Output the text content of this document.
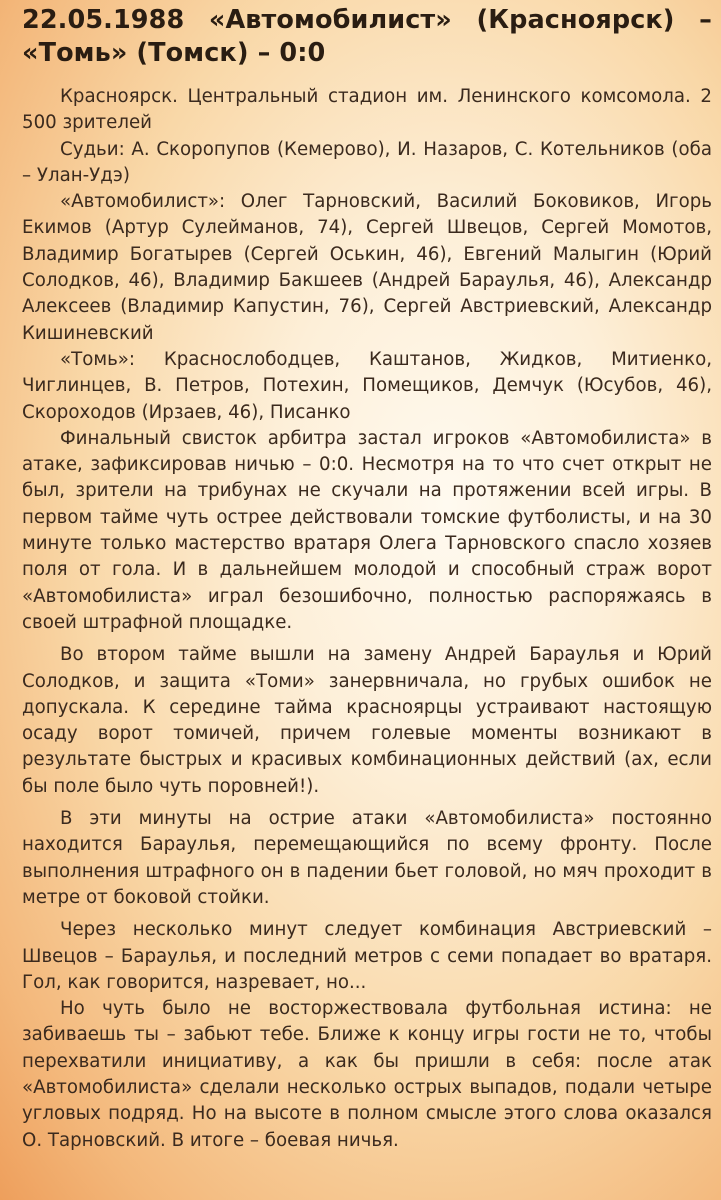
22.05.1988 «Автомобилист» (Красноярск) –
«Томь» (Томск) – 0:0

Красноярск. Центральный стадион им. Ленинского комсомола. 2 500 зрителей

Судьи: А. Скоропупов (Кемерово), И. Назаров, С. Котельников (оба – Улан-Удэ)

«Автомобилист»: Олег Тарновский, Василий Боковиков, Игорь Екимов (Артур Сулейманов, 74), Сергей Швецов, Сергей Момотов, Владимир Богатырев (Сергей Оськин, 46), Евгений Малыгин (Юрий Солодков, 46), Владимир Бакшеев (Андрей Бараулья, 46), Александр Алексеев (Владимир Капустин, 76), Сергей Австриевский, Александр Кишиневский

«Томь»: Краснослободцев, Каштанов, Жидков, Митиенко, Чиглинцев, В. Петров, Потехин, Помещиков, Демчук (Юсубов, 46), Скороходов (Ирзаев, 46), Писанко

Финальный свисток арбитра застал игроков «Автомобилиста» в атаке, зафиксировав ничью – 0:0. Несмотря на то что счет открыт не был, зрители на трибунах не скучали на протяжении всей игры. В первом тайме чуть острее действовали томские футболисты, и на 30 минуте только мастерство вратаря Олега Тарновского спасло хозяев поля от гола. И в дальнейшем молодой и способный страж ворот «Автомобилиста» играл безошибочно, полностью распоряжаясь в своей штрафной площадке.

Во втором тайме вышли на замену Андрей Бараулья и Юрий Солодков, и защита «Томи» занервничала, но грубых ошибок не допускала. К середине тайма красноярцы устраивают настоящую осаду ворот томичей, причем голевые моменты возникают в результате быстрых и красивых комбинационных действий (ах, если бы поле было чуть поровней!).

В эти минуты на острие атаки «Автомобилиста» постоянно находится Бараулья, перемещающийся по всему фронту. После выполнения штрафного он в падении бьет головой, но мяч проходит в метре от боковой стойки.

Через несколько минут следует комбинация Австриевский – Швецов – Бараулья, и последний метров с семи попадает во вратаря. Гол, как говорится, назревает, но...

Но чуть было не восторжествовала футбольная истина: не забиваешь ты – забьют тебе. Ближе к концу игры гости не то, чтобы перехватили инициативу, а как бы пришли в себя: после атак «Автомобилиста» сделали несколько острых выпадов, подали четыре угловых подряд. Но на высоте в полном смысле этого слова оказался О. Тарновский. В итоге – боевая ничья.
